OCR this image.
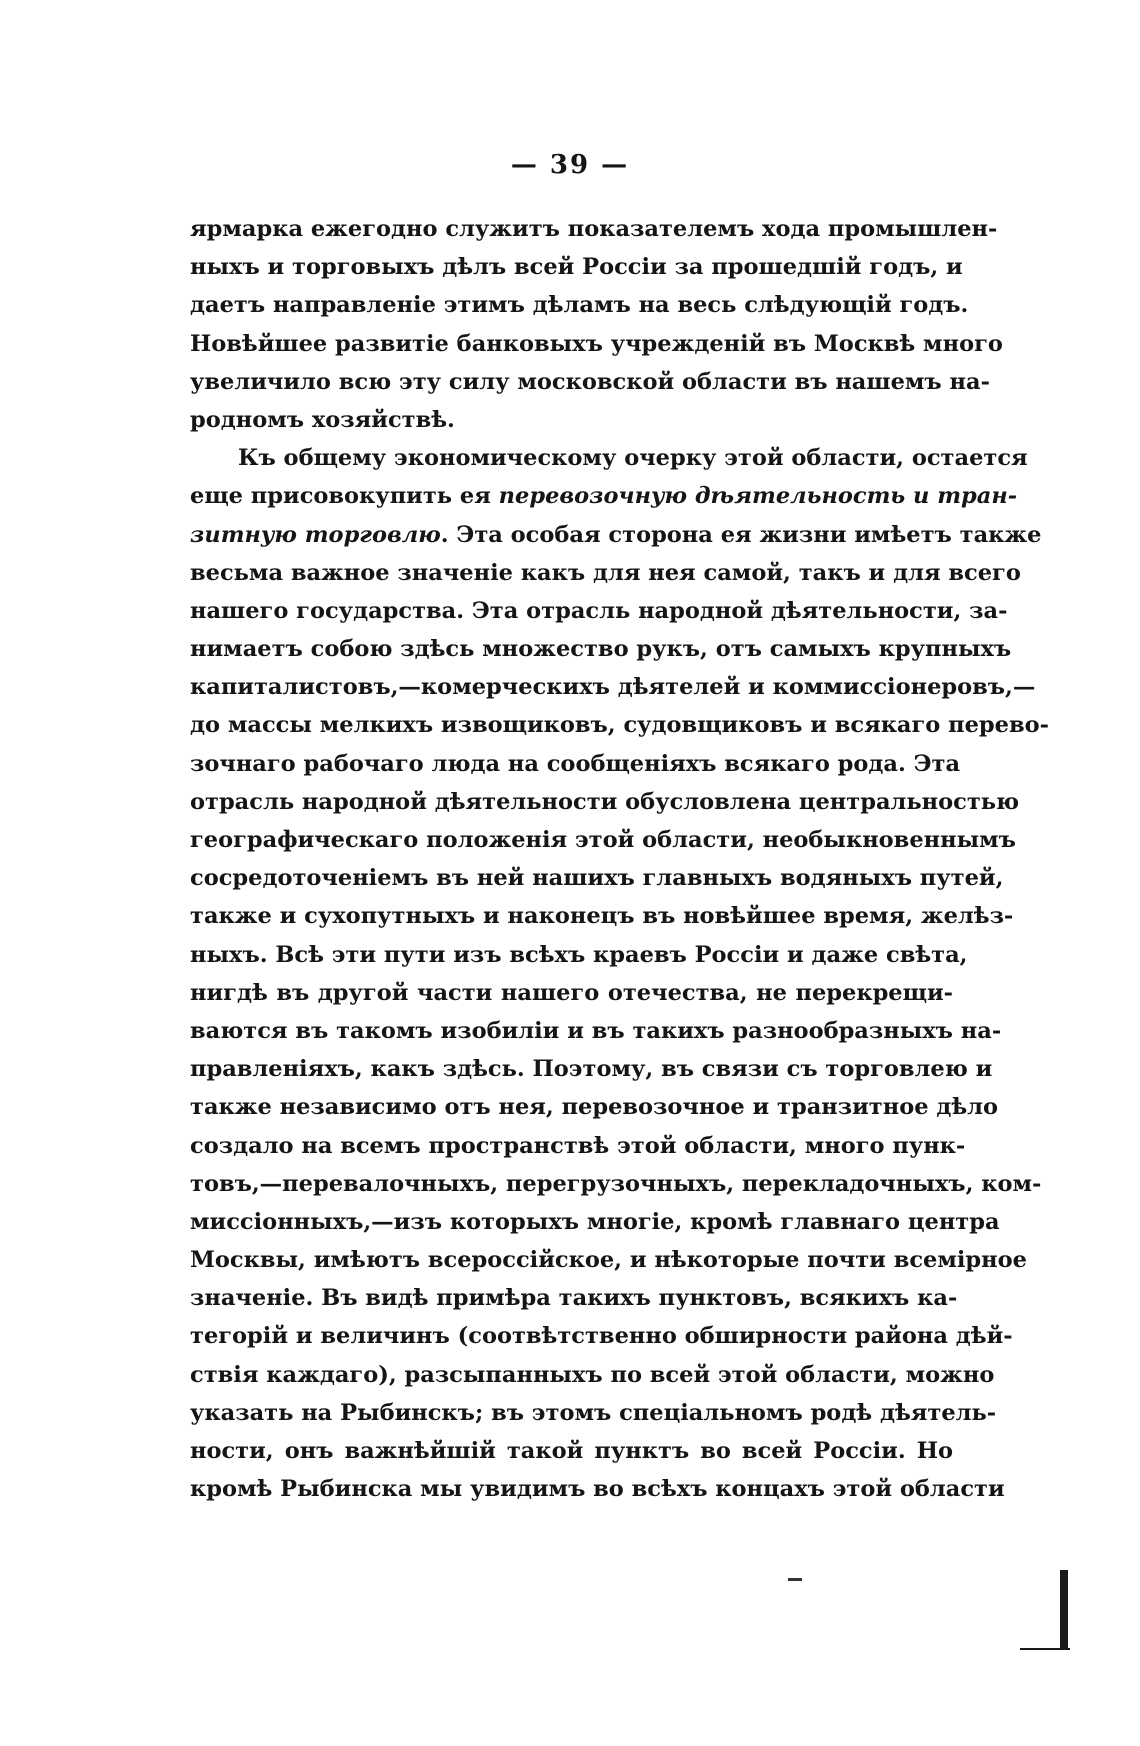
— 39 —
ярмарка ежегодно служитъ показателемъ хода промышлен-
ныхъ и торговыхъ дѣлъ всей Россіи за прошедшій годъ, и
даетъ направленіе этимъ дѣламъ на весь слѣдующій годъ.
Новѣйшее развитіе банковыхъ учрежденій въ Москвѣ много
увеличило всю эту силу московской области въ нашемъ на-
родномъ хозяйствѣ.
Къ общему экономическому очерку этой области, остается
еще присовокупить ея перевозочную дѣятельность и тран-
зитную торговлю. Эта особая сторона ея жизни имѣетъ также
весьма важное значеніе какъ для нея самой, такъ и для всего
нашего государства. Эта отрасль народной дѣятельности, за-
нимаетъ собою здѣсь множество рукъ, отъ самыхъ крупныхъ
капиталистовъ,—комерческихъ дѣятелей и коммиссіонеровъ,—
до массы мелкихъ извощиковъ, судовщиковъ и всякаго перево-
зочнаго рабочаго люда на сообщеніяхъ всякаго рода. Эта
отрасль народной дѣятельности обусловлена центральностью
географическаго положенія этой области, необыкновеннымъ
сосредоточеніемъ въ ней нашихъ главныхъ водяныхъ путей,
также и сухопутныхъ и наконецъ въ новѣйшее время, желѣз-
ныхъ. Всѣ эти пути изъ всѣхъ краевъ Россіи и даже свѣта,
нигдѣ въ другой части нашего отечества, не перекрещи-
ваются въ такомъ изобиліи и въ такихъ разнообразныхъ на-
правленіяхъ, какъ здѣсь. Поэтому, въ связи съ торговлею и
также независимо отъ нея, перевозочное и транзитное дѣло
создало на всемъ пространствѣ этой области, много пунк-
товъ,—перевалочныхъ, перегрузочныхъ, перекладочныхъ, ком-
миссіонныхъ,—изъ которыхъ многіе, кромѣ главнаго центра
Москвы, имѣютъ всероссійское, и нѣкоторые почти всемірное
значеніе. Въ видѣ примѣра такихъ пунктовъ, всякихъ ка-
тегорій и величинъ (соотвѣтственно обширности района дѣй-
ствія каждаго), разсыпанныхъ по всей этой области, можно
указать на Рыбинскъ; въ этомъ спеціальномъ родѣ дѣятель-
ности, онъ важнѣйшій такой пунктъ во всей Россіи. Но
кромѣ Рыбинска мы увидимъ во всѣхъ концахъ этой области
